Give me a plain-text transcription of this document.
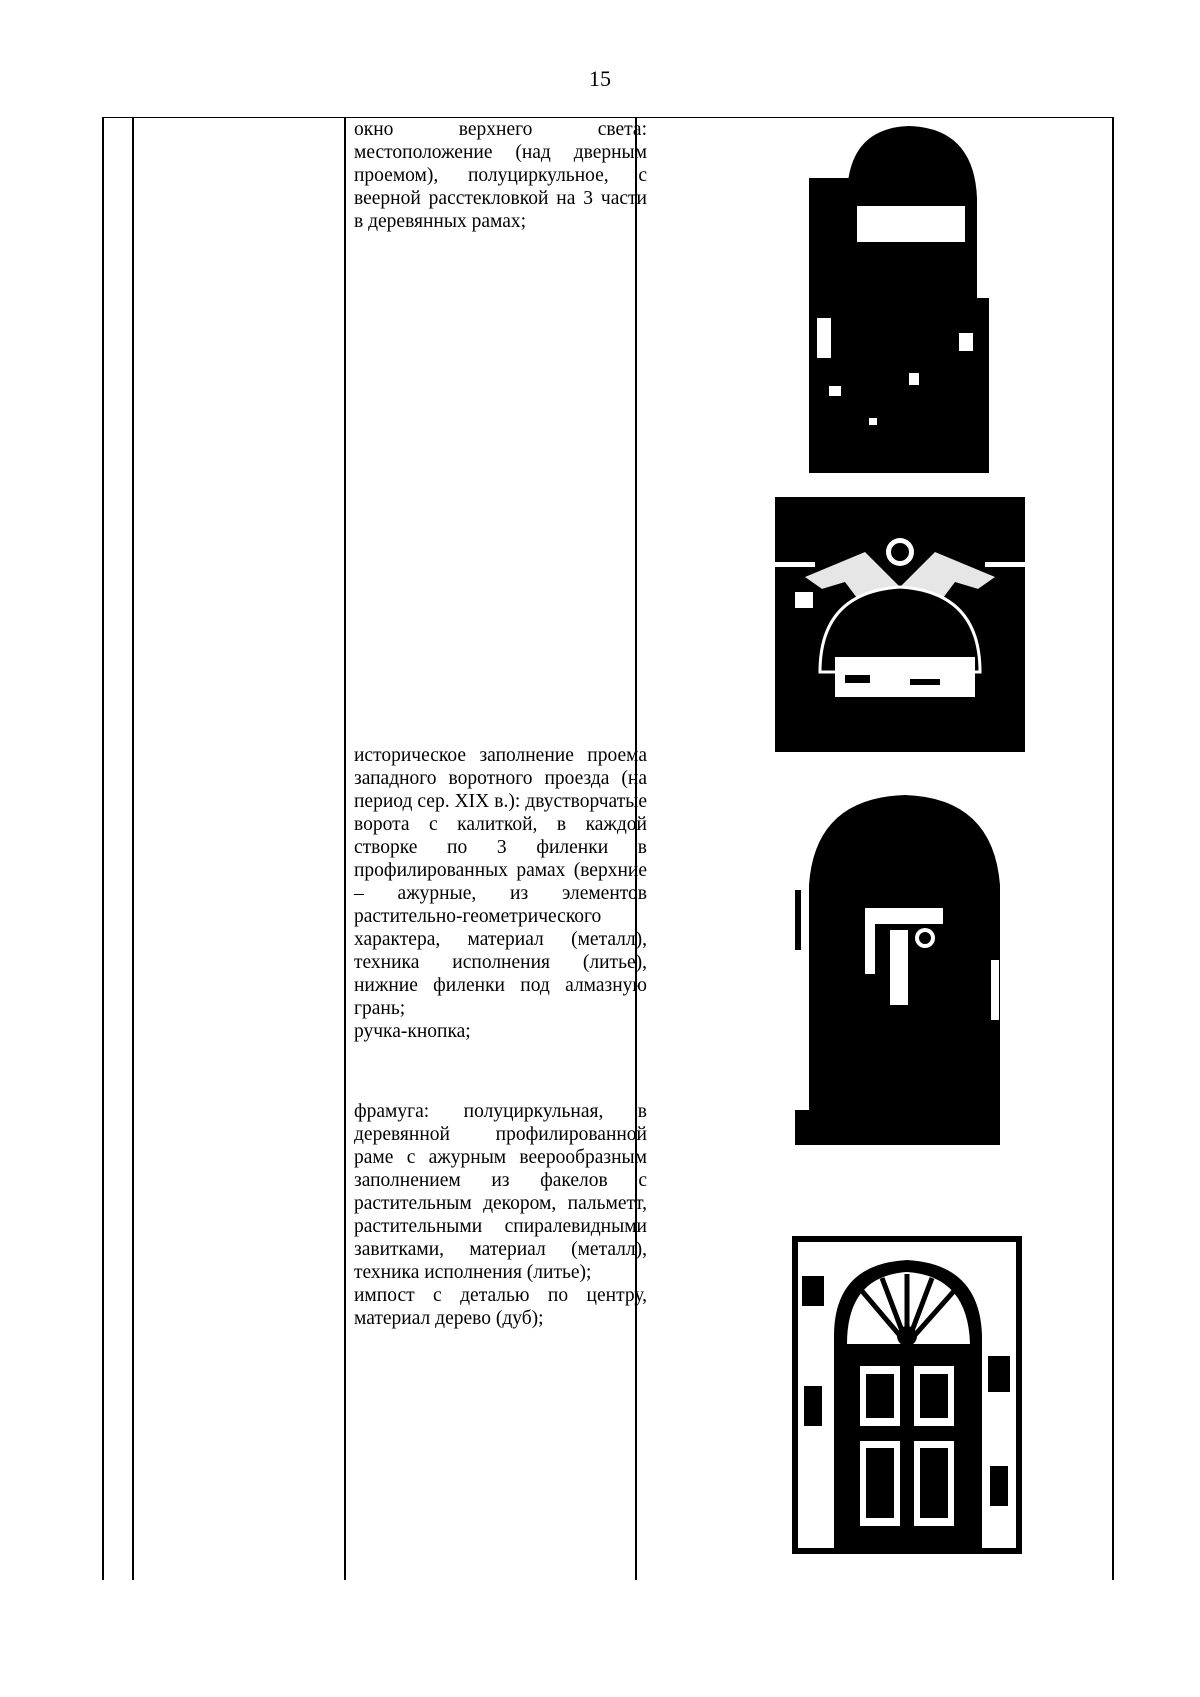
15

окно верхнего света: местоположение (над дверным проемом), полуциркульное, с веерной расстекловкой на 3 части в деревянных рамах;

историческое заполнение проема западного воротного проезда (на период сер. XIX в.): двустворчатые ворота с калиткой, в каждой створке по 3 филенки в профилированных рамах (верхние – ажурные, из элементов растительно-геометрического характера, материал (металл), техника исполнения (литье), нижние филенки под алмазную грань;

ручка-кнопка;

фрамуга: полуциркульная, в деревянной профилированной раме с ажурным веерообразным заполнением из факелов с растительным декором, пальметт, растительными спиралевидными завитками, материал (металл), техника исполнения (литье);

импост с деталью по центру, материал дерево (дуб);
